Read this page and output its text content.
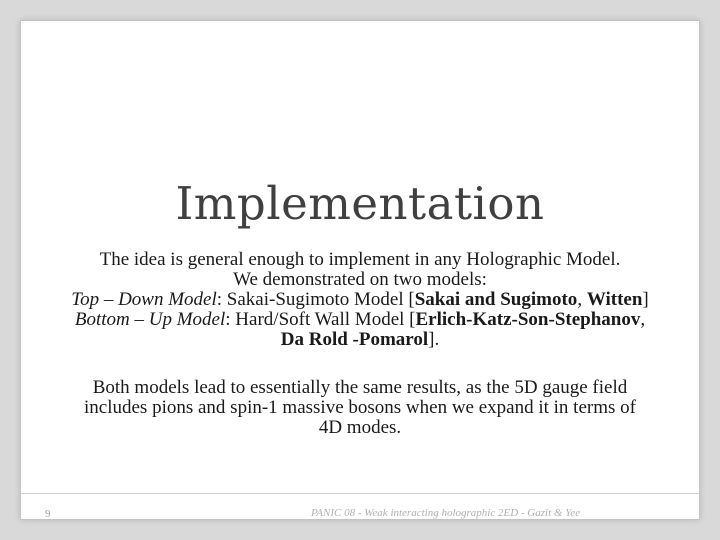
Implementation
The idea is general enough to implement in any Holographic Model.
We demonstrated on two models:
Top – Down Model: Sakai-Sugimoto Model [Sakai and Sugimoto, Witten]
Bottom – Up Model: Hard/Soft Wall Model [Erlich-Katz-Son-Stephanov,
Da Rold -Pomarol].
Both models lead to essentially the same results, as the 5D gauge field
includes pions and spin-1 massive bosons when we expand it in terms of
4D modes.
9	PANIC 08 - Weak interacting holographic 2ED - Gazit & Yee
